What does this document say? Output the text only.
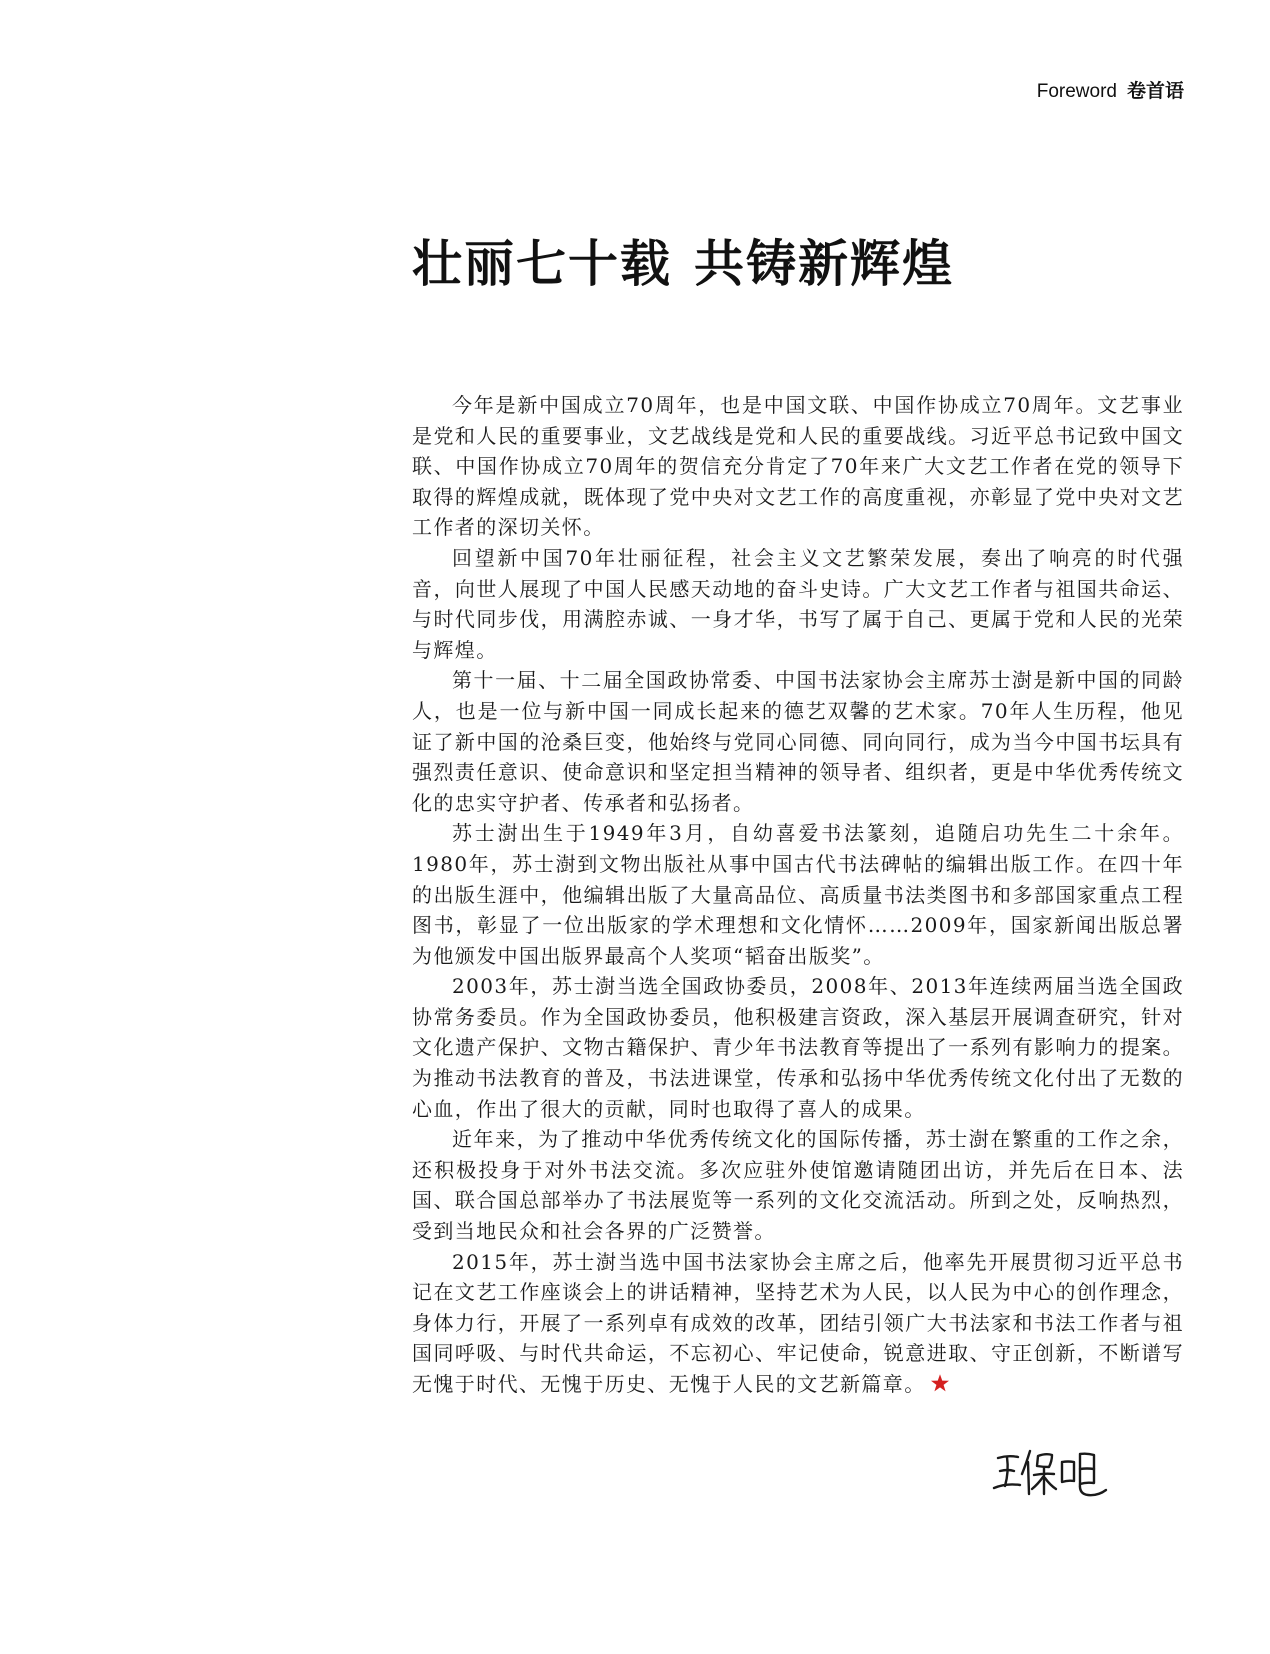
Foreword 卷首语
壮丽七十载 共铸新辉煌

今年是新中国成立70周年，也是中国文联、中国作协成立70周年。文艺事业是党和人民的重要事业，文艺战线是党和人民的重要战线。习近平总书记致中国文联、中国作协成立70周年的贺信充分肯定了70年来广大文艺工作者在党的领导下取得的辉煌成就，既体现了党中央对文艺工作的高度重视，亦彰显了党中央对文艺工作者的深切关怀。

回望新中国70年壮丽征程，社会主义文艺繁荣发展，奏出了响亮的时代强音，向世人展现了中国人民感天动地的奋斗史诗。广大文艺工作者与祖国共命运、与时代同步伐，用满腔赤诚、一身才华，书写了属于自己、更属于党和人民的光荣与辉煌。

第十一届、十二届全国政协常委、中国书法家协会主席苏士澍是新中国的同龄人，也是一位与新中国一同成长起来的德艺双馨的艺术家。70年人生历程，他见证了新中国的沧桑巨变，他始终与党同心同德、同向同行，成为当今中国书坛具有强烈责任意识、使命意识和坚定担当精神的领导者、组织者，更是中华优秀传统文化的忠实守护者、传承者和弘扬者。

苏士澍出生于1949年3月，自幼喜爱书法篆刻，追随启功先生二十余年。1980年，苏士澍到文物出版社从事中国古代书法碑帖的编辑出版工作。在四十年的出版生涯中，他编辑出版了大量高品位、高质量书法类图书和多部国家重点工程图书，彰显了一位出版家的学术理想和文化情怀……2009年，国家新闻出版总署为他颁发中国出版界最高个人奖项“韬奋出版奖”。

2003年，苏士澍当选全国政协委员，2008年、2013年连续两届当选全国政协常务委员。作为全国政协委员，他积极建言资政，深入基层开展调查研究，针对文化遗产保护、文物古籍保护、青少年书法教育等提出了一系列有影响力的提案。为推动书法教育的普及，书法进课堂，传承和弘扬中华优秀传统文化付出了无数的心血，作出了很大的贡献，同时也取得了喜人的成果。

近年来，为了推动中华优秀传统文化的国际传播，苏士澍在繁重的工作之余，还积极投身于对外书法交流。多次应驻外使馆邀请随团出访，并先后在日本、法国、联合国总部举办了书法展览等一系列的文化交流活动。所到之处，反响热烈，受到当地民众和社会各界的广泛赞誉。

2015年，苏士澍当选中国书法家协会主席之后，他率先开展贯彻习近平总书记在文艺工作座谈会上的讲话精神，坚持艺术为人民，以人民为中心的创作理念，身体力行，开展了一系列卓有成效的改革，团结引领广大书法家和书法工作者与祖国同呼吸、与时代共命运，不忘初心、牢记使命，锐意进取、守正创新，不断谱写无愧于时代、无愧于历史、无愧于人民的文艺新篇章。
